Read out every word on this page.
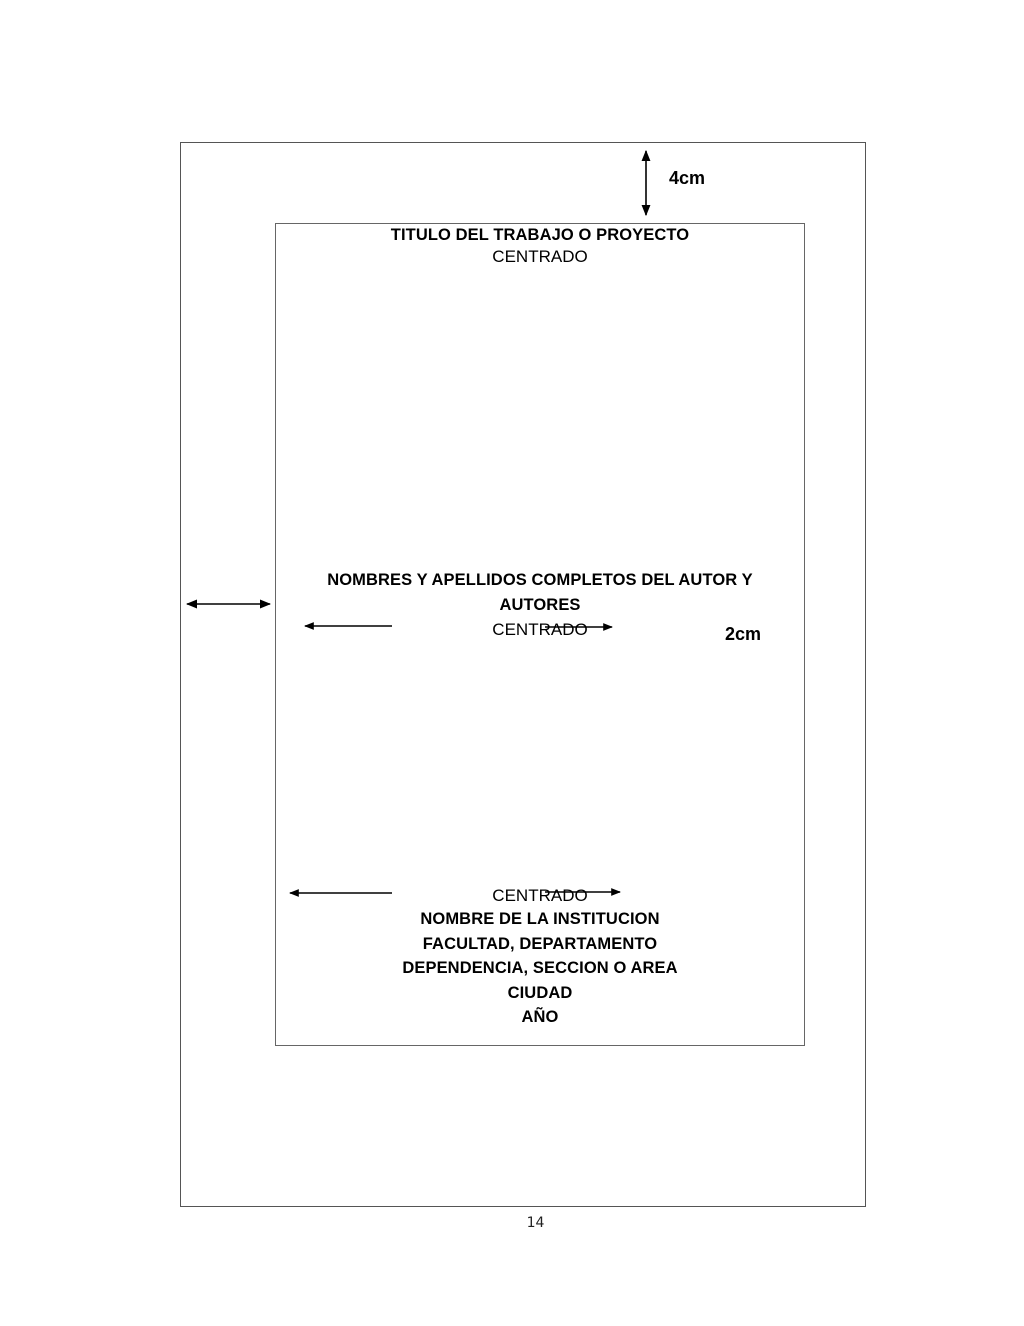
4cm
2cm
TITULO DEL TRABAJO O PROYECTO
CENTRADO
NOMBRES Y APELLIDOS COMPLETOS DEL AUTOR Y
AUTORES
CENTRADO
CENTRADO
NOMBRE DE LA INSTITUCION
FACULTAD, DEPARTAMENTO
DEPENDENCIA, SECCION O AREA
CIUDAD
AÑO
14
